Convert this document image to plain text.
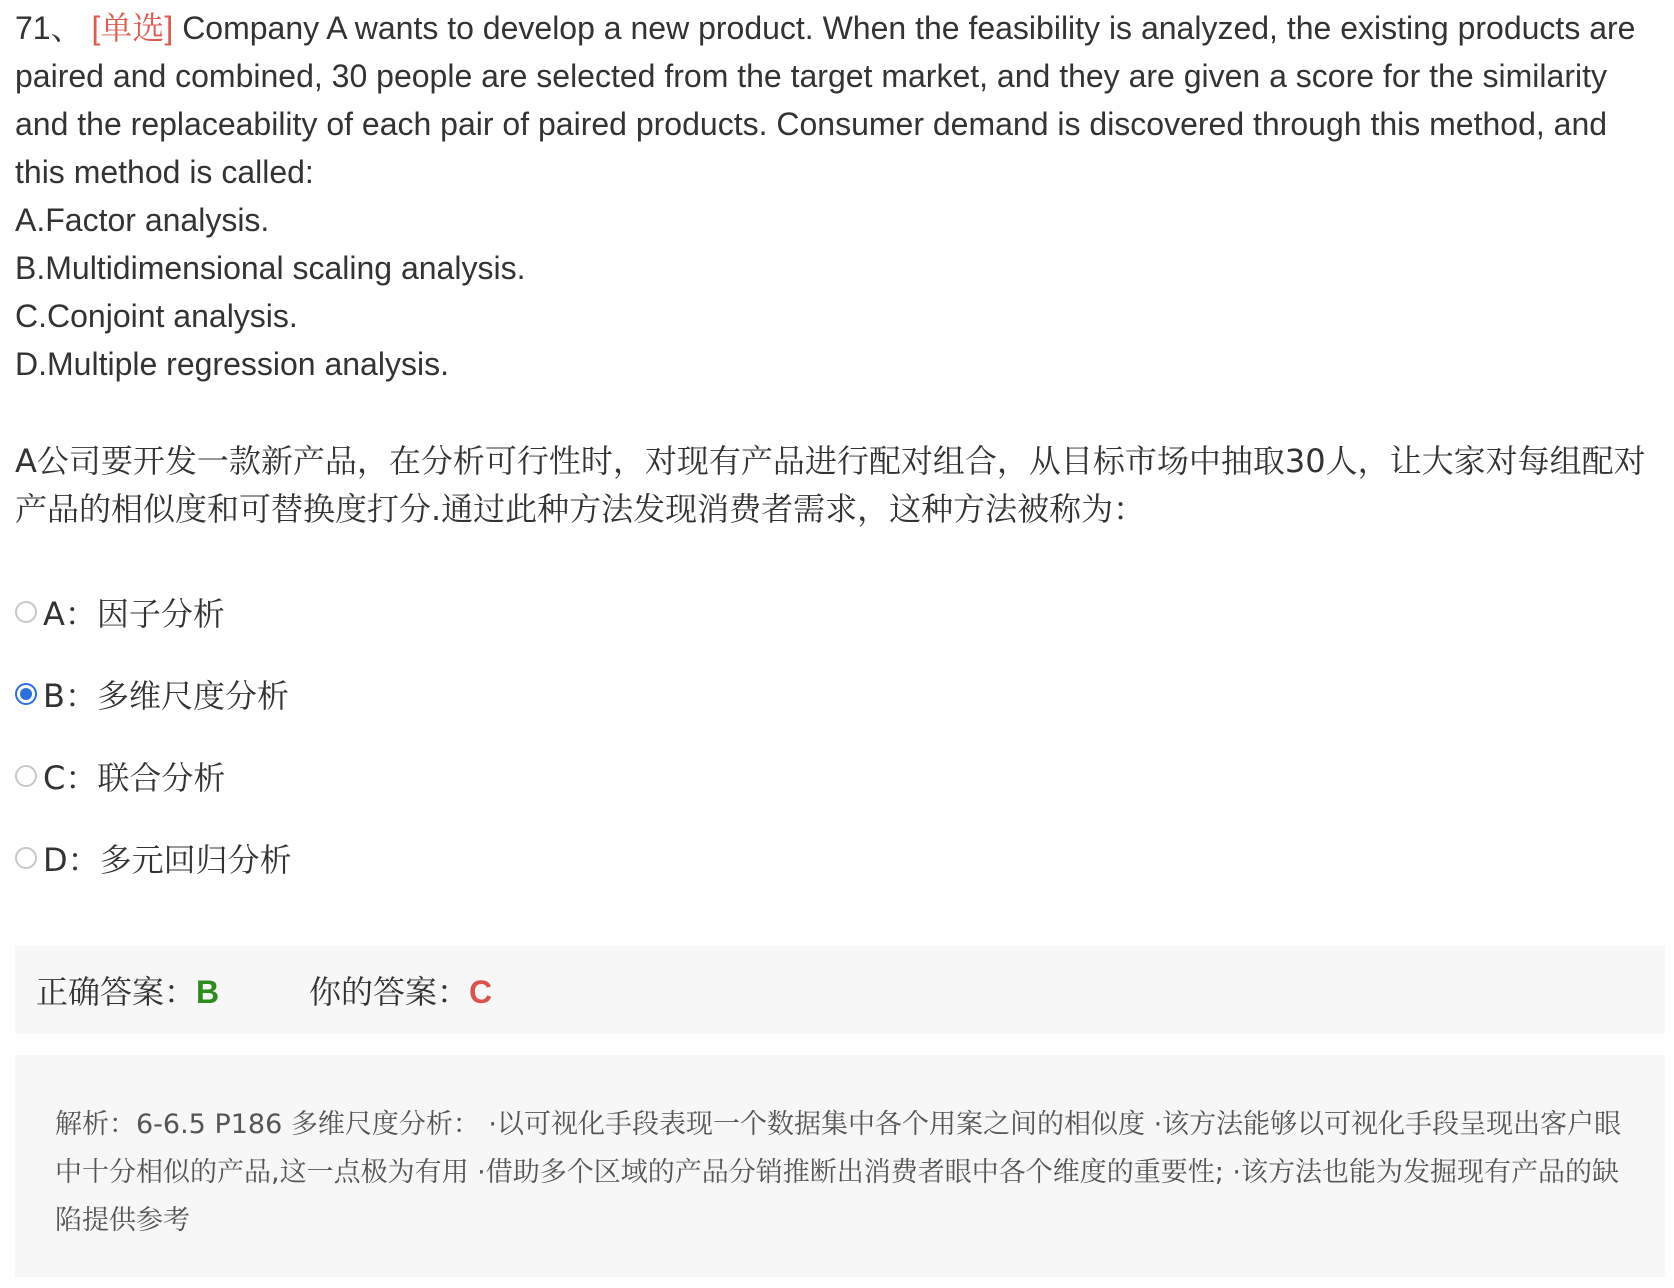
71、 [单选] Company A wants to develop a new product. When the feasibility is analyzed, the existing products are paired and combined, 30 people are selected from the target market, and they are given a score for the similarity and the replaceability of each pair of paired products. Consumer demand is discovered through this method, and this method is called:
A.Factor analysis.
B.Multidimensional scaling analysis.
C.Conjoint analysis.
D.Multiple regression analysis.
A公司要开发一款新产品，在分析可行性时，对现有产品进行配对组合，从目标市场中抽取30人，让大家对每组配对产品的相似度和可替换度打分.通过此种方法发现消费者需求，这种方法被称为：
A：因子分析
B：多维尺度分析
C：联合分析
D：多元回归分析
正确答案：B	你的答案：C
解析：6-6.5 P186 多维尺度分析： ·以可视化手段表现一个数据集中各个用案之间的相似度 ·该方法能够以可视化手段呈现出客户眼中十分相似的产品,这一点极为有用 ·借助多个区域的产品分销推断出消费者眼中各个维度的重要性; ·该方法也能为发掘现有产品的缺陷提供参考
